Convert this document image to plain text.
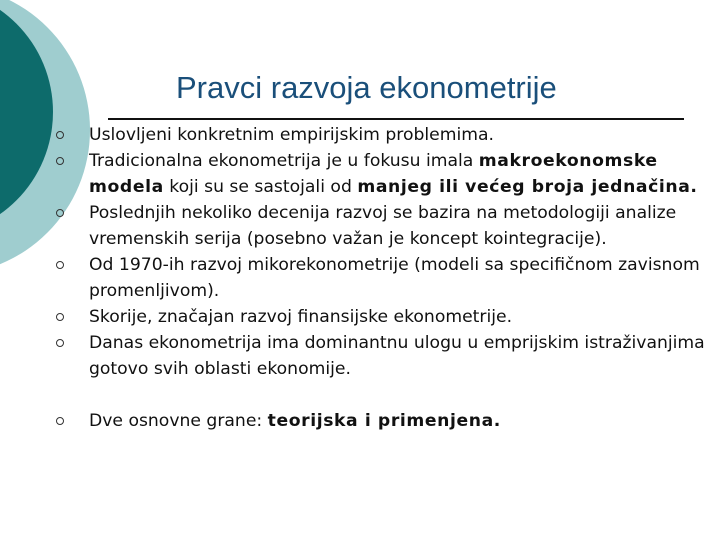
Pravci razvoja ekonometrije
Uslovljeni konkretnim empirijskim problemima.
Tradicionalna ekonometrija je u fokusu imala makroekonomske modela koji su se sastojali od manjeg ili većeg broja jednačina.
Poslednjih nekoliko decenija razvoj se bazira na metodologiji analize vremenskih serija (posebno važan je koncept kointegracije).
Od 1970-ih razvoj mikorekonometrije (modeli sa specifičnom zavisnom promenljivom).
Skorije, značajan razvoj finansijske ekonometrije.
Danas ekonometrija ima dominantnu ulogu u emprijskim istraživanjima gotovo svih oblasti ekonomije.
Dve osnovne grane: teorijska i primenjena.
